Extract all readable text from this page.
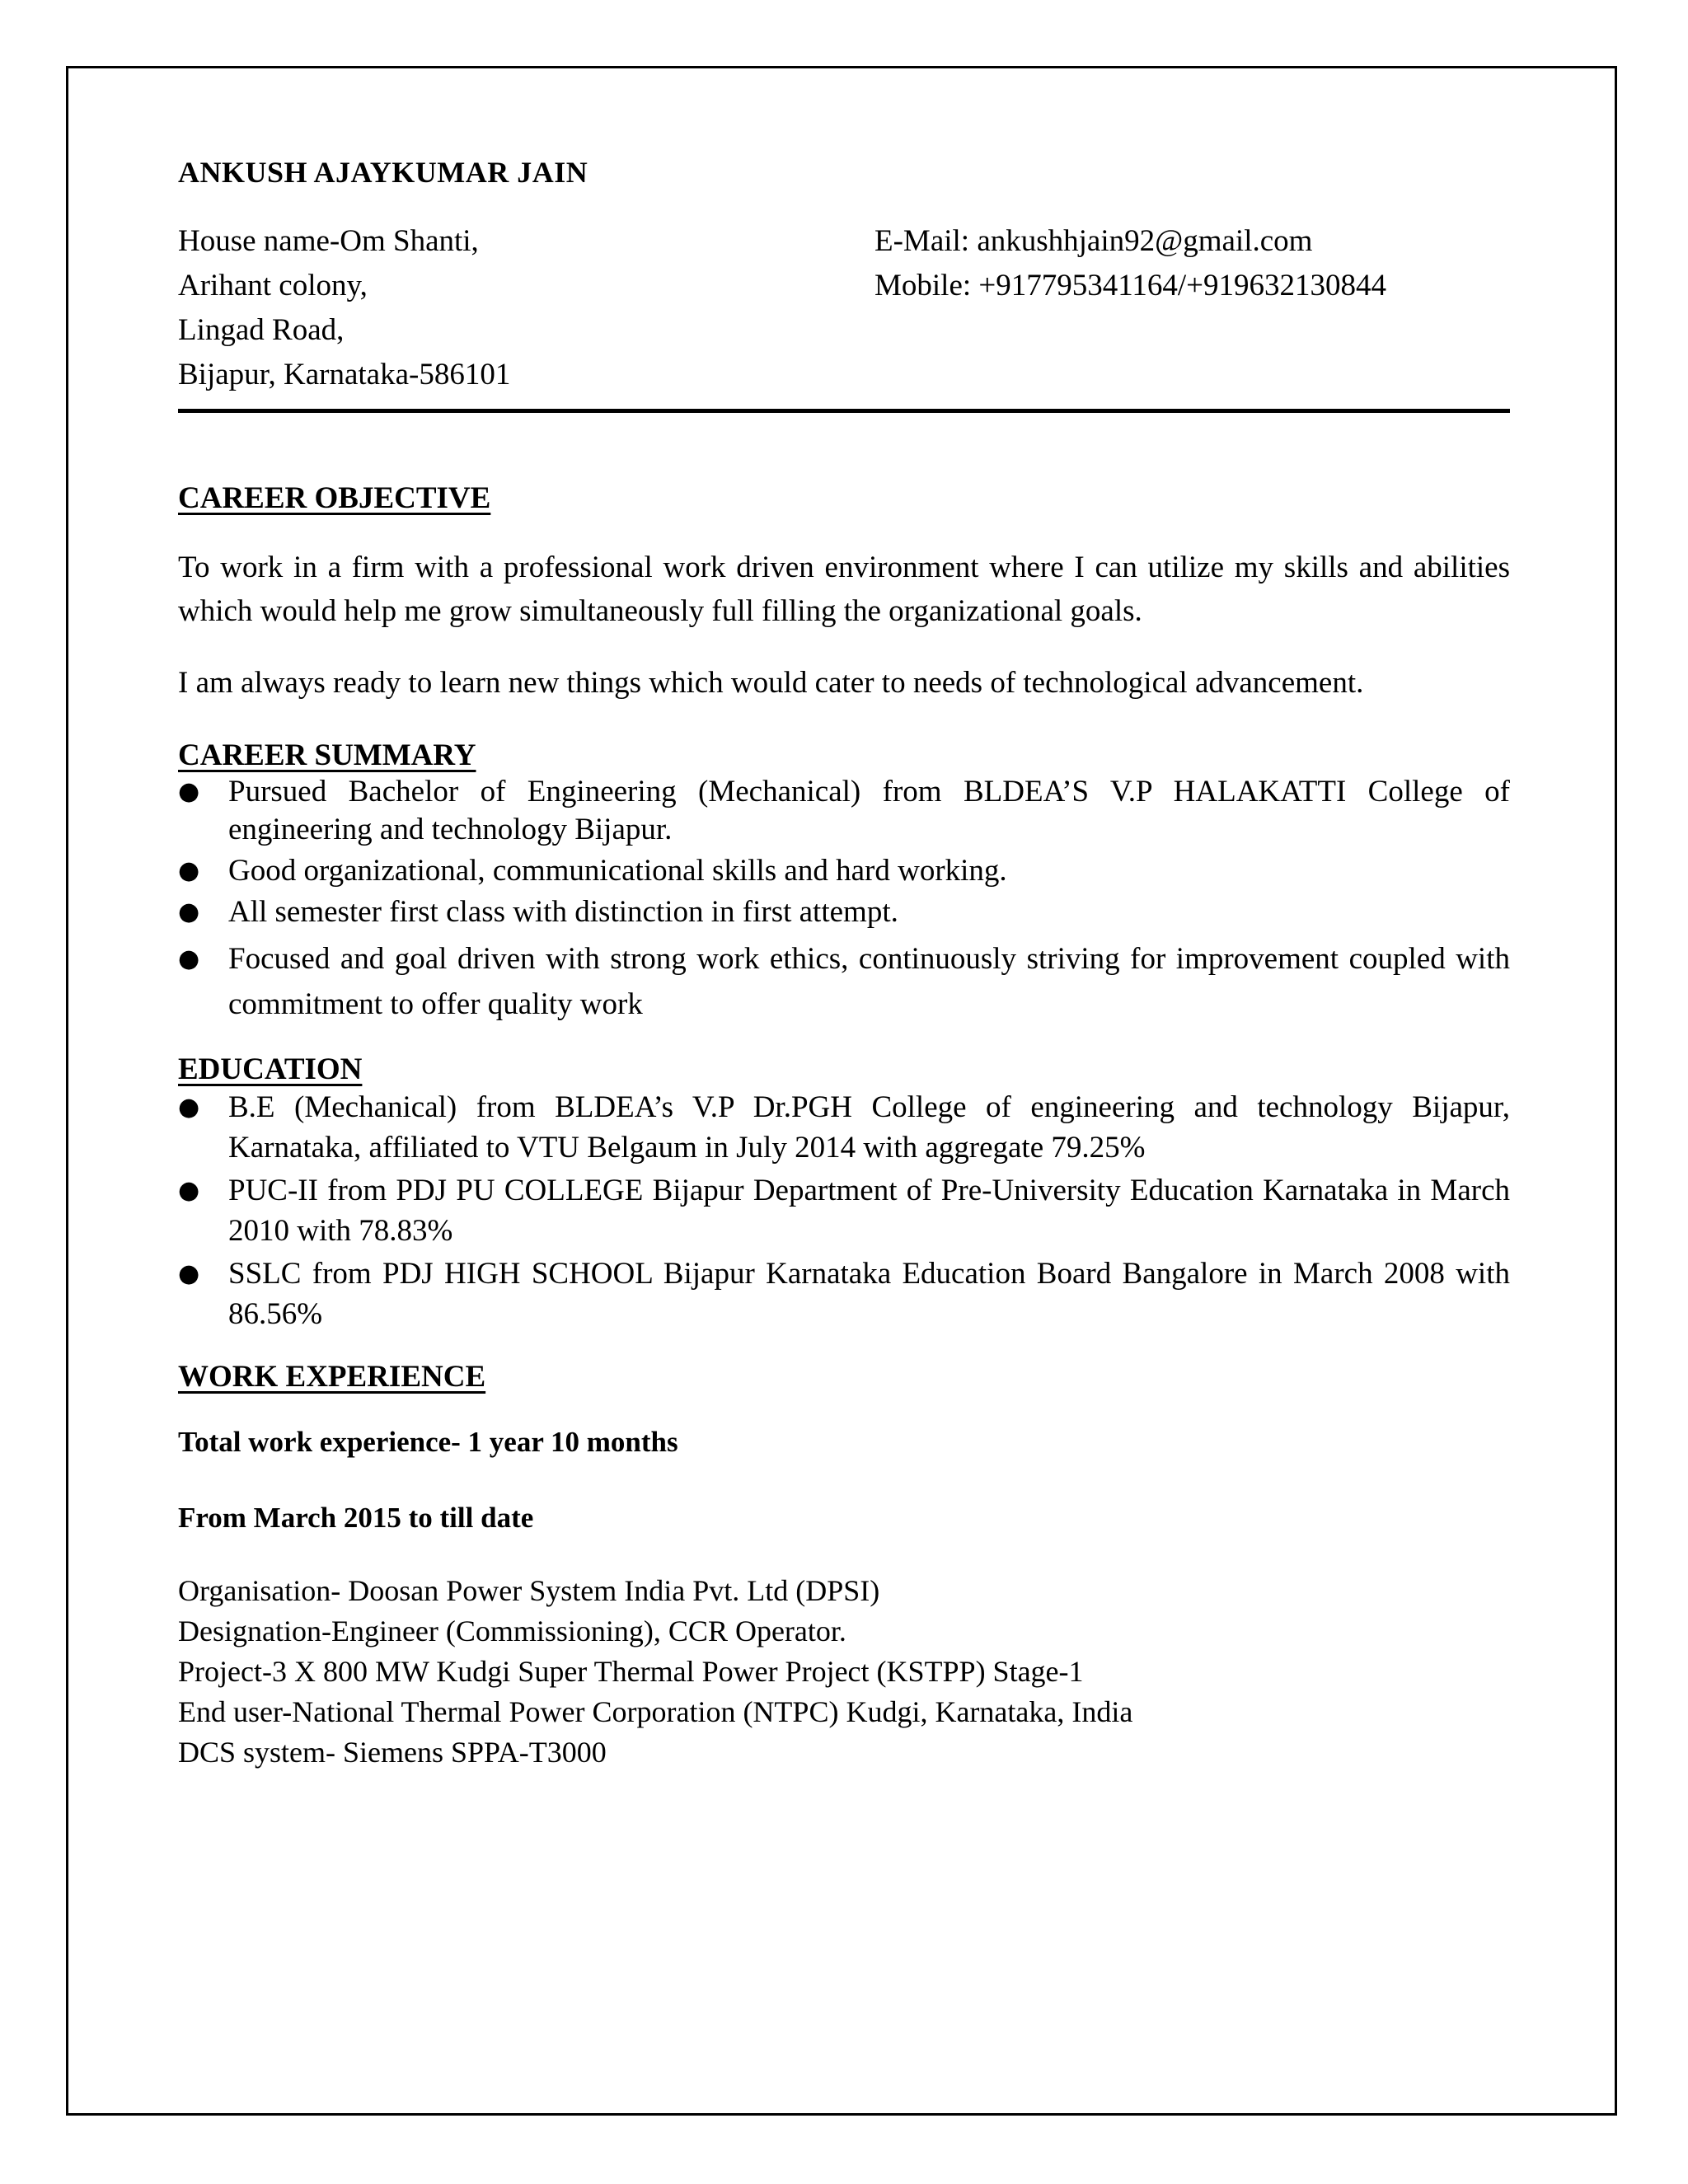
ANKUSH AJAYKUMAR JAIN
House name-Om Shanti,
Arihant colony,
Lingad Road,
Bijapur, Karnataka-586101
E-Mail: ankushhjain92@gmail.com
Mobile: +917795341164/+919632130844
CAREER OBJECTIVE

To work in a firm with a professional work driven environment where I can utilize my skills and abilities which would help me grow simultaneously full filling the organizational goals.

I am always ready to learn new things which would cater to needs of technological advancement.

CAREER SUMMARY
● Pursued Bachelor of Engineering (Mechanical) from BLDEA’S V.P HALAKATTI College of engineering and technology Bijapur.
● Good organizational, communicational skills and hard working.
● All semester first class with distinction in first attempt.
● Focused and goal driven with strong work ethics, continuously striving for improvement coupled with commitment to offer quality work
EDUCATION
● B.E (Mechanical) from BLDEA’s V.P Dr.PGH College of engineering and technology Bijapur, Karnataka, affiliated to VTU Belgaum in July 2014 with aggregate 79.25%
● PUC-II from PDJ PU COLLEGE Bijapur Department of Pre-University Education Karnataka in March 2010 with 78.83%
● SSLC from PDJ HIGH SCHOOL Bijapur Karnataka Education Board Bangalore in March 2008 with 86.56%
WORK EXPERIENCE

Total work experience- 1 year 10 months

From March 2015 to till date

Organisation- Doosan Power System India Pvt. Ltd (DPSI)
Designation-Engineer (Commissioning), CCR Operator.
Project-3 X 800 MW Kudgi Super Thermal Power Project (KSTPP) Stage-1
End user-National Thermal Power Corporation (NTPC) Kudgi, Karnataka, India
DCS system- Siemens SPPA-T3000
